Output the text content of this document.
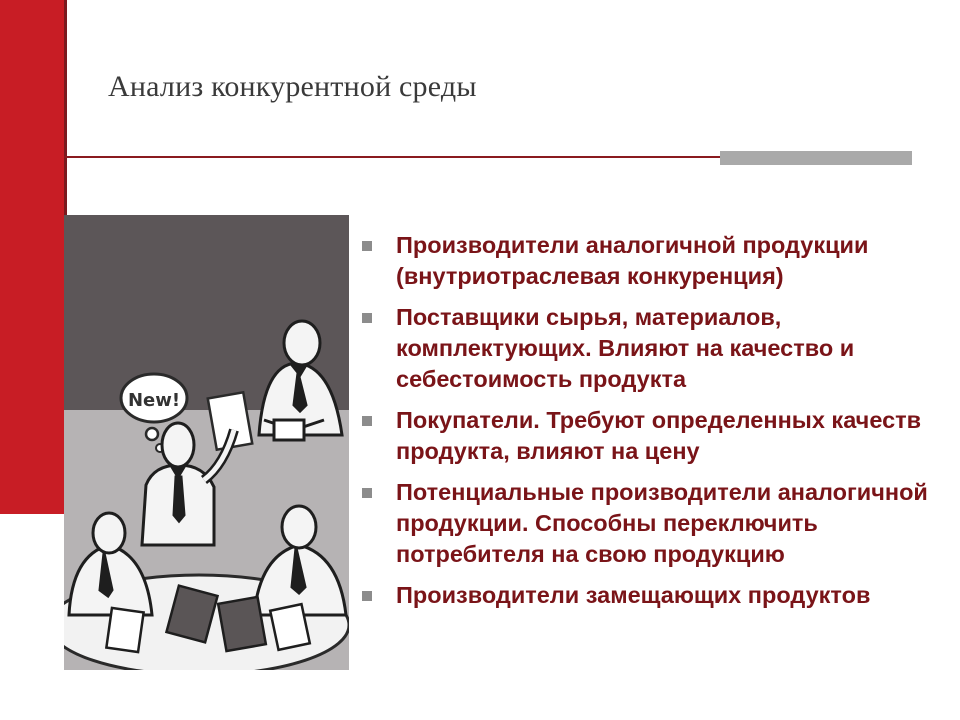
Анализ конкурентной среды
New!
Производители аналогичной продукции (внутриотраслевая конкуренция)
Поставщики сырья, материалов, комплектующих. Влияют на качество и себестоимость продукта
Покупатели. Требуют определенных качеств продукта, влияют на цену
Потенциальные производители аналогичной продукции. Способны переключить потребителя на свою продукцию
Производители замещающих продуктов
